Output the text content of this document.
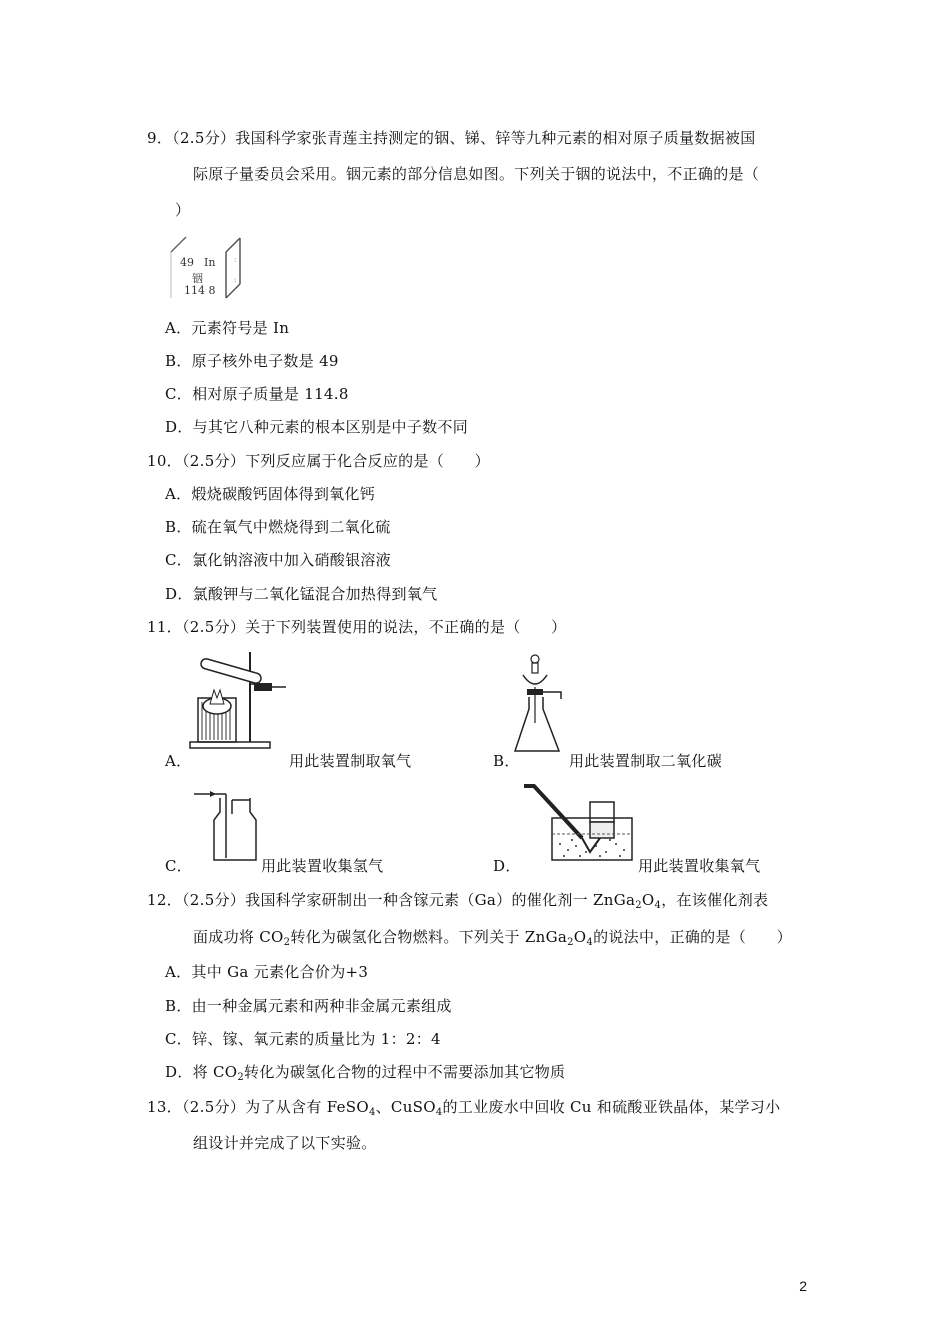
9．（2.5分）我国科学家张青莲主持测定的铟、锑、锌等九种元素的相对原子质量数据被国
际原子量委员会采用。铟元素的部分信息如图。下列关于铟的说法中，不正确的是（
）
:
:
49 In
铟
114 8
A．元素符号是 In
B．原子核外电子数是 49
C．相对原子质量是 114.8
D．与其它八种元素的根本区别是中子数不同
10．（2.5分）下列反应属于化合反应的是（　　）
A．煅烧碳酸钙固体得到氧化钙
B．硫在氧气中燃烧得到二氧化硫
C．氯化钠溶液中加入硝酸银溶液
D．氯酸钾与二氧化锰混合加热得到氧气
11．（2.5分）关于下列装置使用的说法，不正确的是（　　）
A．	用此装置制取氧气	B．	用此装置制取二氧化碳
C．	用此装置收集氢气	D．	用此装置收集氧气
12．（2.5分）我国科学家研制出一种含镓元素（Ga）的催化剂一 $ZnGa_2O_4$，在该催化剂表
面成功将 $CO_2$转化为碳氢化合物燃料。下列关于 $ZnGa_2O_4$的说法中，正确的是（　　）
A．其中 Ga 元素化合价为+3
B．由一种金属元素和两种非金属元素组成
C．锌、镓、氧元素的质量比为 1：2：4
D．将 $CO_2$转化为碳氢化合物的过程中不需要添加其它物质
13．（2.5分）为了从含有 FeSO$_4$、CuSO$_4$的工业废水中回收 Cu 和硫酸亚铁晶体，某学习小
组设计并完成了以下实验。
2
